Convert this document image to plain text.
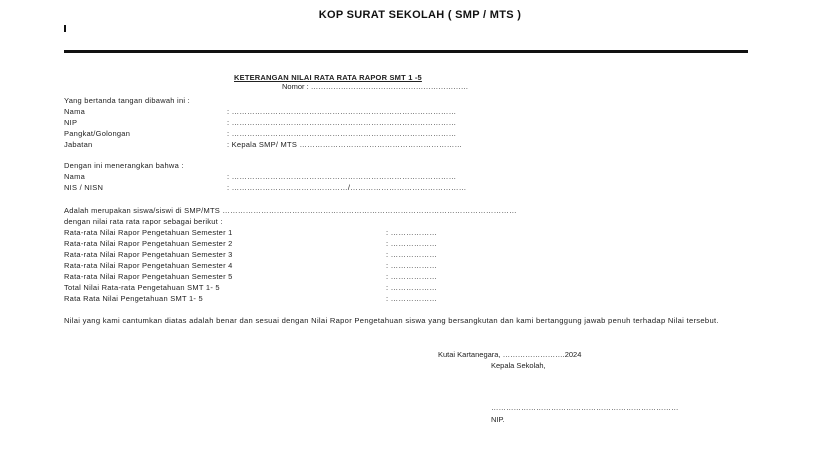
KOP SURAT SEKOLAH ( SMP / MTS )
KETERANGAN NILAI RATA RATA RAPOR SMT 1 -5
Nomor : ………………………………………………………
Yang bertanda tangan dibawah ini :
Nama	: ……………………………………………………………………………
NIP	: ……………………………………………………………………………
Pangkat/Golongan	: ……………………………………………………………………………
Jabatan	: Kepala SMP/ MTS ………………………………………………………
Dengan ini menerangkan bahwa :
Nama	: ……………………………………………………………………………
NIS / NISN	: ………………………………………/………………………………………
Adalah merupakan siswa/siswi di SMP/MTS ……………………………………………………………………………………………………
dengan nilai rata rata rapor sebagai berikut :
Rata-rata Nilai Rapor Pengetahuan Semester 1	: ………………
Rata-rata Nilai Rapor Pengetahuan Semester 2	: ………………
Rata-rata Nilai Rapor Pengetahuan Semester 3	: ………………
Rata-rata Nilai Rapor Pengetahuan Semester 4	: ………………
Rata-rata Nilai Rapor Pengetahuan Semester 5	: ………………
Total Nilai Rata-rata Pengetahuan SMT 1- 5	: ………………
Rata Rata Nilai Pengetahuan SMT 1- 5	: ………………
Nilai yang kami cantumkan diatas adalah benar dan sesuai dengan Nilai Rapor Pengetahuan siswa yang bersangkutan dan kami bertanggung jawab penuh terhadap Nilai tersebut.
Kutai Kartanegara, …………………….2024
Kepala Sekolah,
…………………………………………………………………
NIP.
